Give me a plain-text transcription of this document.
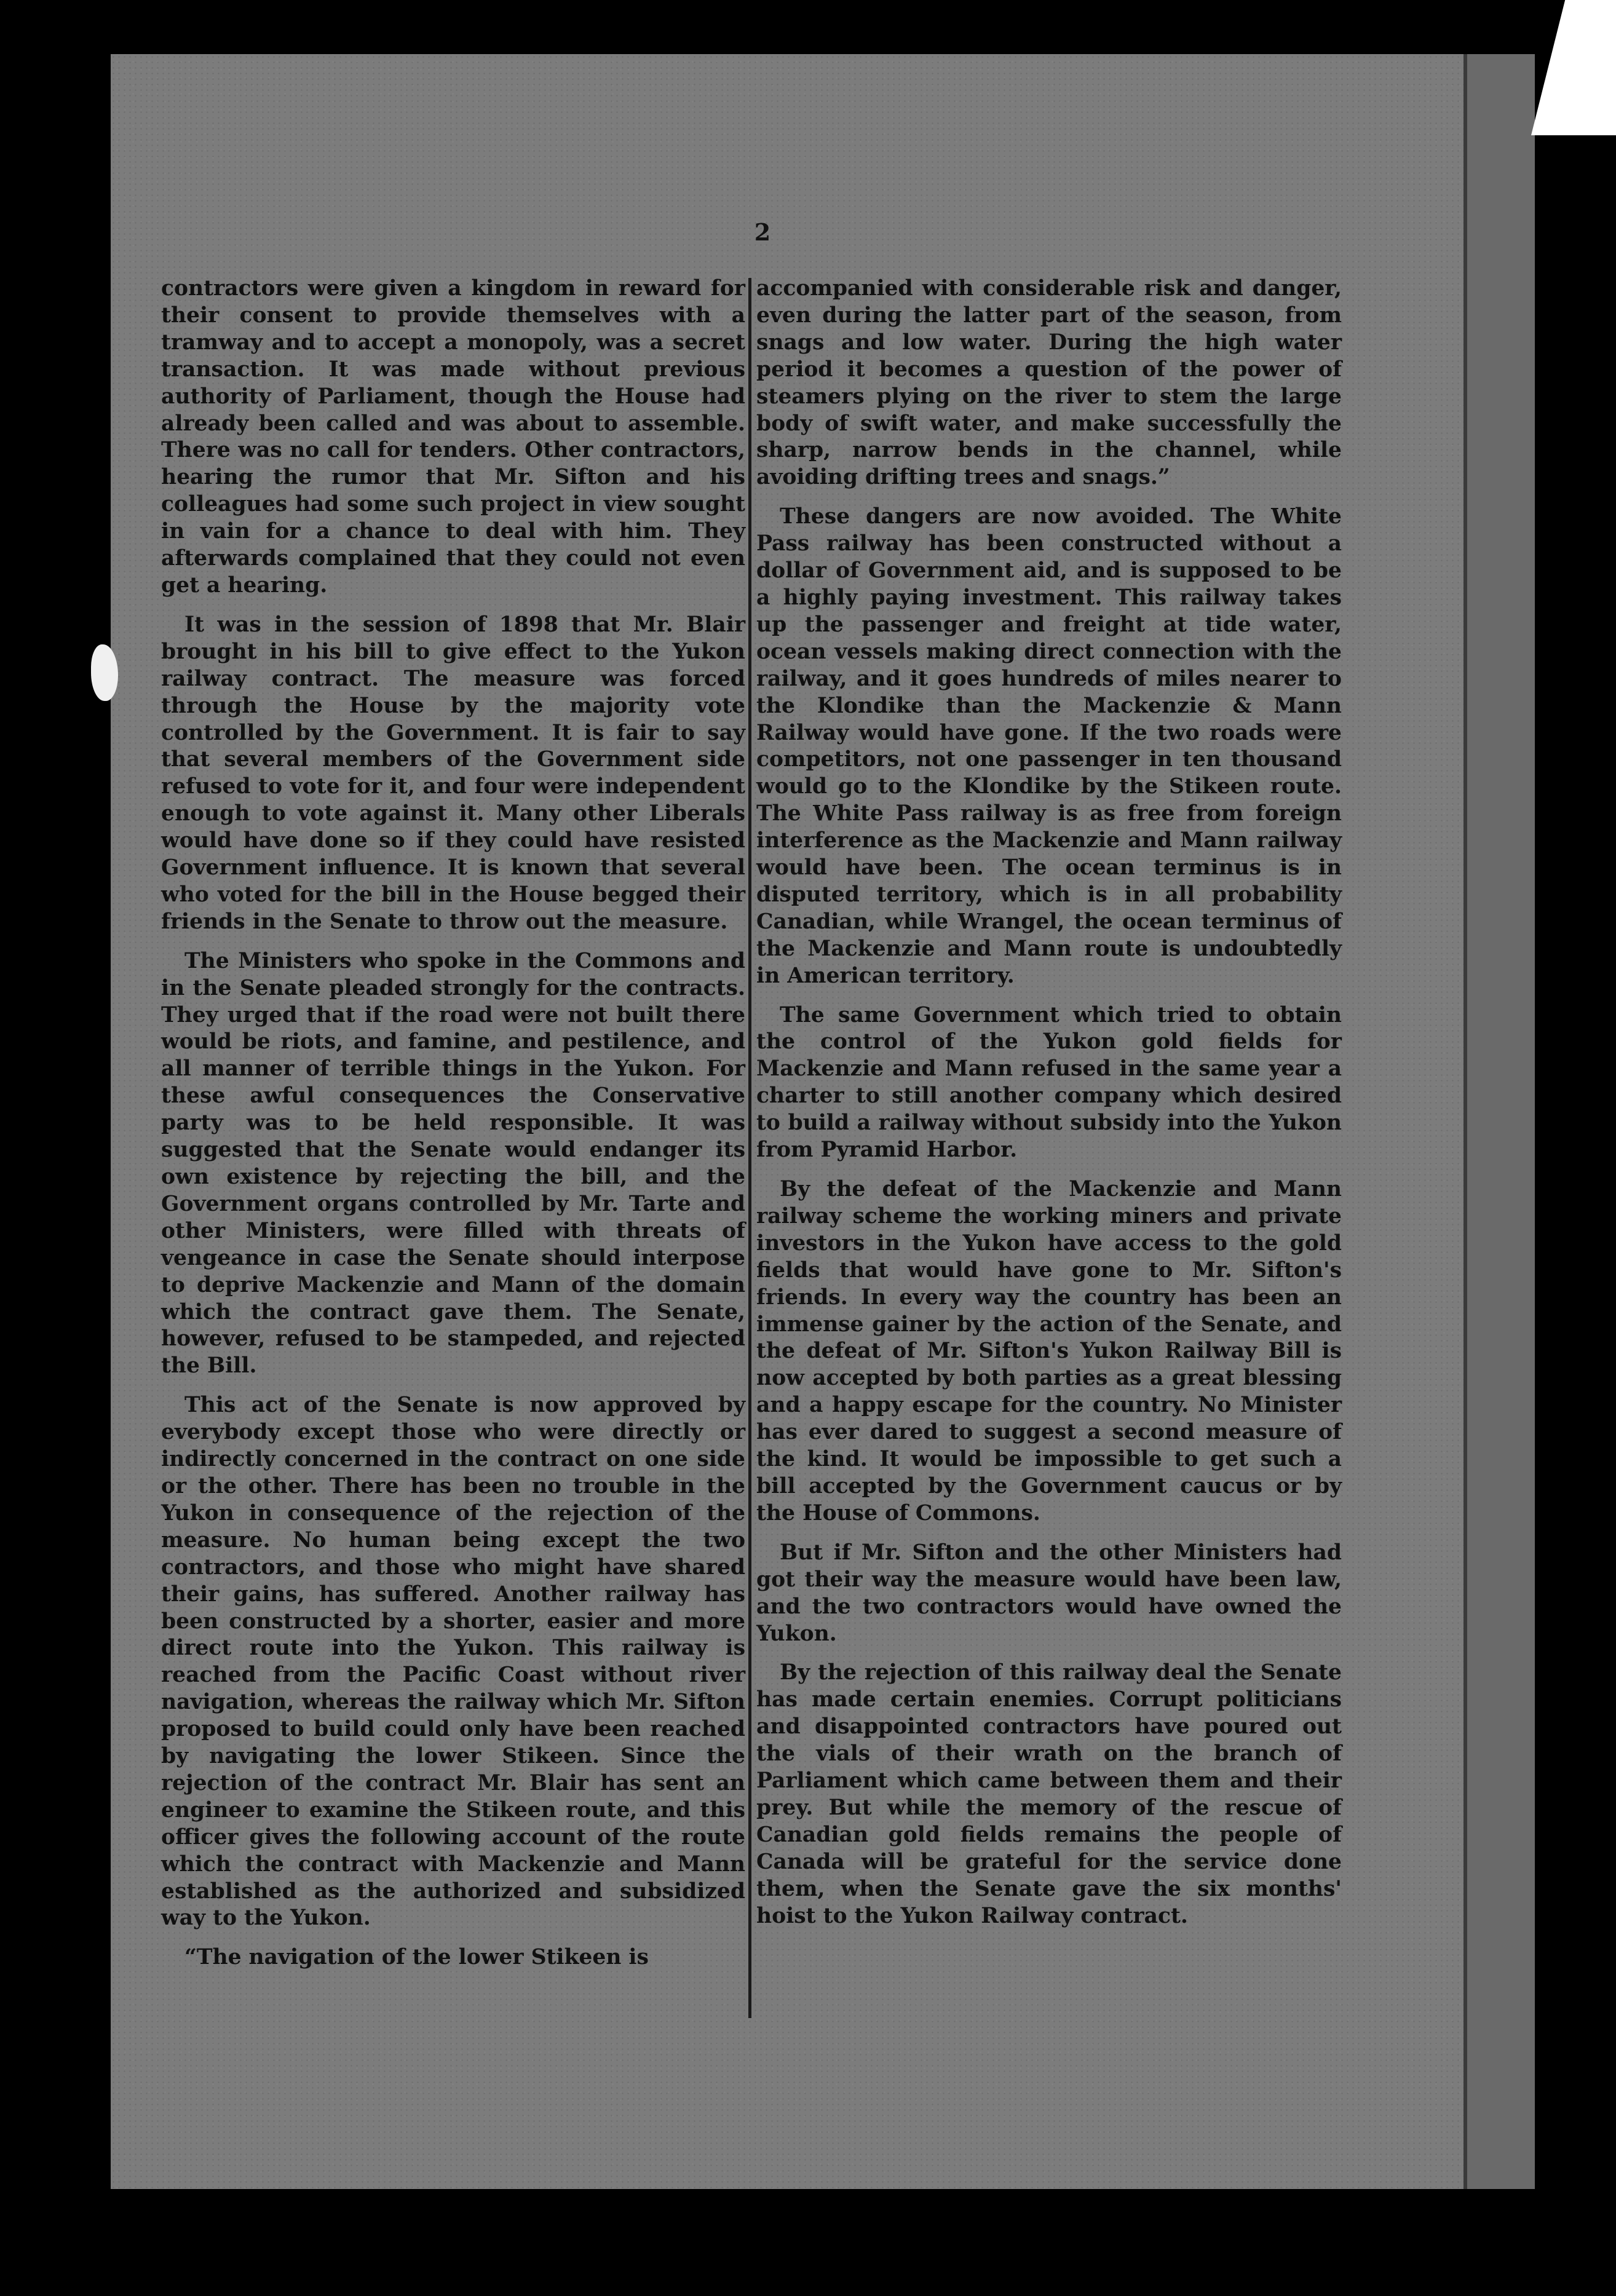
2

contractors were given a kingdom in reward for their consent to provide themselves with a tramway and to accept a monopoly, was a secret transaction. It was made without previous authority of Parliament, though the House had already been called and was about to assemble. There was no call for tenders. Other contractors, hearing the rumor that Mr. Sifton and his colleagues had some such project in view sought in vain for a chance to deal with him. They afterwards complained that they could not even get a hearing.

It was in the session of 1898 that Mr. Blair brought in his bill to give effect to the Yukon railway contract. The measure was forced through the House by the majority vote controlled by the Government. It is fair to say that several members of the Government side refused to vote for it, and four were independent enough to vote against it. Many other Liberals would have done so if they could have resisted Government influence. It is known that several who voted for the bill in the House begged their friends in the Senate to throw out the measure.

The Ministers who spoke in the Commons and in the Senate pleaded strongly for the contracts. They urged that if the road were not built there would be riots, and famine, and pestilence, and all manner of terrible things in the Yukon. For these awful consequences the Conservative party was to be held responsible. It was suggested that the Senate would endanger its own existence by rejecting the bill, and the Government organs controlled by Mr. Tarte and other Ministers, were filled with threats of vengeance in case the Senate should interpose to deprive Mackenzie and Mann of the domain which the contract gave them. The Senate, however, refused to be stampeded, and rejected the Bill.

This act of the Senate is now approved by everybody except those who were directly or indirectly concerned in the contract on one side or the other. There has been no trouble in the Yukon in consequence of the rejection of the measure. No human being except the two contractors, and those who might have shared their gains, has suffered. Another railway has been constructed by a shorter, easier and more direct route into the Yukon. This railway is reached from the Pacific Coast without river navigation, whereas the railway which Mr. Sifton proposed to build could only have been reached by navigating the lower Stikeen. Since the rejection of the contract Mr. Blair has sent an engineer to examine the Stikeen route, and this officer gives the following account of the route which the contract with Mackenzie and Mann established as the authorized and subsidized way to the Yukon.

“The navigation of the lower Stikeen is

accompanied with considerable risk and danger, even during the latter part of the season, from snags and low water. During the high water period it becomes a question of the power of steamers plying on the river to stem the large body of swift water, and make successfully the sharp, narrow bends in the channel, while avoiding drifting trees and snags.”

These dangers are now avoided. The White Pass railway has been constructed without a dollar of Government aid, and is supposed to be a highly paying investment. This railway takes up the passenger and freight at tide water, ocean vessels making direct connection with the railway, and it goes hundreds of miles nearer to the Klondike than the Mackenzie & Mann Railway would have gone. If the two roads were competitors, not one passenger in ten thousand would go to the Klondike by the Stikeen route. The White Pass railway is as free from foreign interference as the Mackenzie and Mann railway would have been. The ocean terminus is in disputed territory, which is in all probability Canadian, while Wrangel, the ocean terminus of the Mackenzie and Mann route is undoubtedly in American territory.

The same Government which tried to obtain the control of the Yukon gold fields for Mackenzie and Mann refused in the same year a charter to still another company which desired to build a railway without subsidy into the Yukon from Pyramid Harbor.

By the defeat of the Mackenzie and Mann railway scheme the working miners and private investors in the Yukon have access to the gold fields that would have gone to Mr. Sifton's friends. In every way the country has been an immense gainer by the action of the Senate, and the defeat of Mr. Sifton's Yukon Railway Bill is now accepted by both parties as a great blessing and a happy escape for the country. No Minister has ever dared to suggest a second measure of the kind. It would be impossible to get such a bill accepted by the Government caucus or by the House of Commons.

But if Mr. Sifton and the other Ministers had got their way the measure would have been law, and the two contractors would have owned the Yukon.

By the rejection of this railway deal the Senate has made certain enemies. Corrupt politicians and disappointed contractors have poured out the vials of their wrath on the branch of Parliament which came between them and their prey. But while the memory of the rescue of Canadian gold fields remains the people of Canada will be grateful for the service done them, when the Senate gave the six months' hoist to the Yukon Railway contract.
